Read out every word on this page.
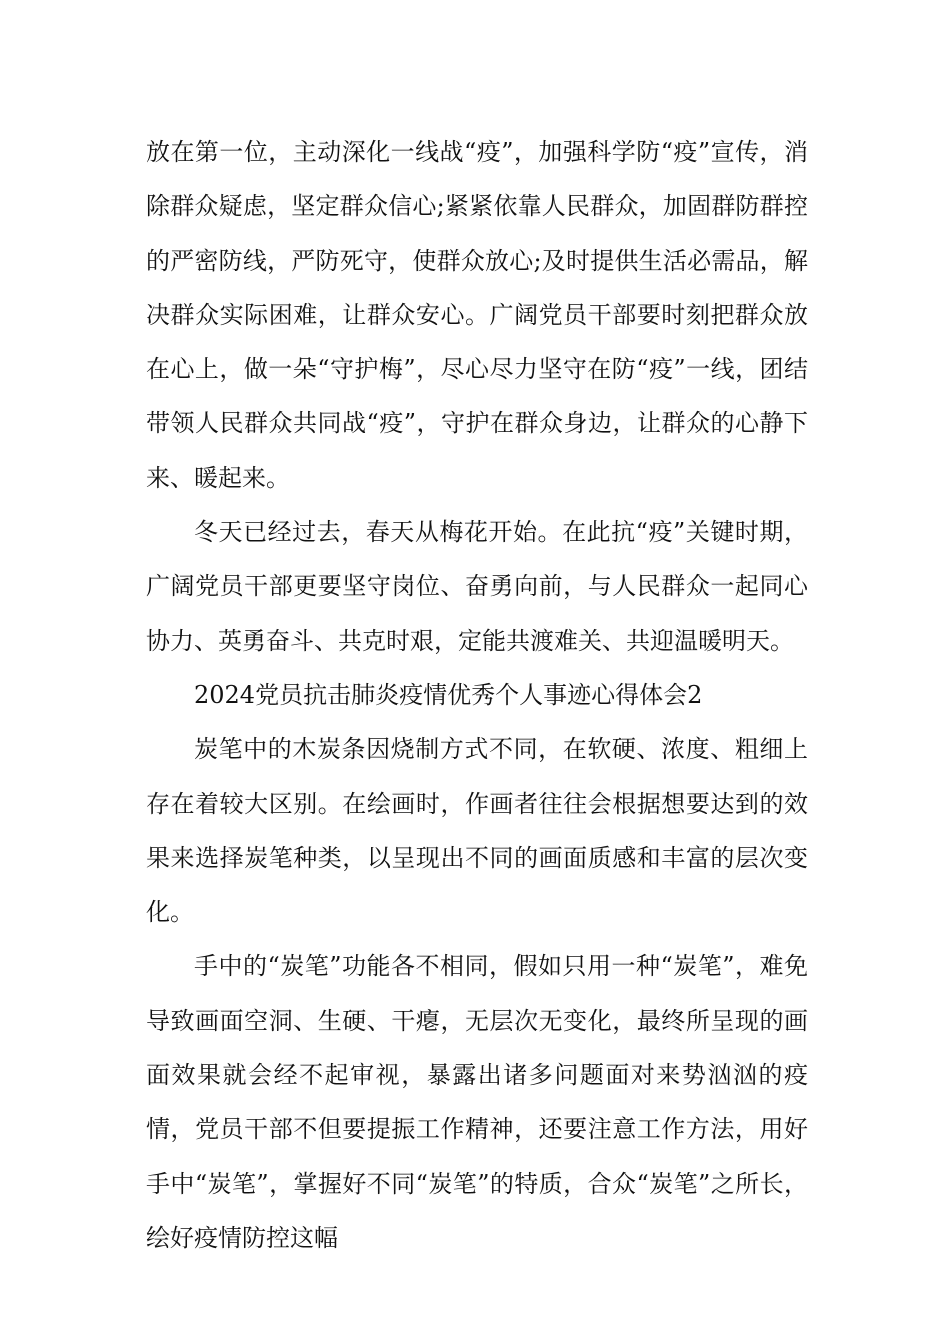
放在第一位，主动深化一线战“疫”，加强科学防“疫”宣传，消除群众疑虑，坚定群众信心;紧紧依靠人民群众，加固群防群控的严密防线，严防死守，使群众放心;及时提供生活必需品，解决群众实际困难，让群众安心。广阔党员干部要时刻把群众放在心上，做一朵“守护梅”，尽心尽力坚守在防“疫”一线，团结带领人民群众共同战“疫”，守护在群众身边，让群众的心静下来、暖起来。

冬天已经过去，春天从梅花开始。在此抗“疫”关键时期，广阔党员干部更要坚守岗位、奋勇向前，与人民群众一起同心协力、英勇奋斗、共克时艰，定能共渡难关、共迎温暖明天。

2024党员抗击肺炎疫情优秀个人事迹心得体会2

炭笔中的木炭条因烧制方式不同，在软硬、浓度、粗细上存在着较大区别。在绘画时，作画者往往会根据想要达到的效果来选择炭笔种类，以呈现出不同的画面质感和丰富的层次变化。

手中的“炭笔”功能各不相同，假如只用一种“炭笔”，难免导致画面空洞、生硬、干瘪，无层次无变化，最终所呈现的画面效果就会经不起审视，暴露出诸多问题面对来势汹汹的疫情，党员干部不但要提振工作精神，还要注意工作方法，用好手中“炭笔”，掌握好不同“炭笔”的特质，合众“炭笔”之所长，绘好疫情防控这幅
